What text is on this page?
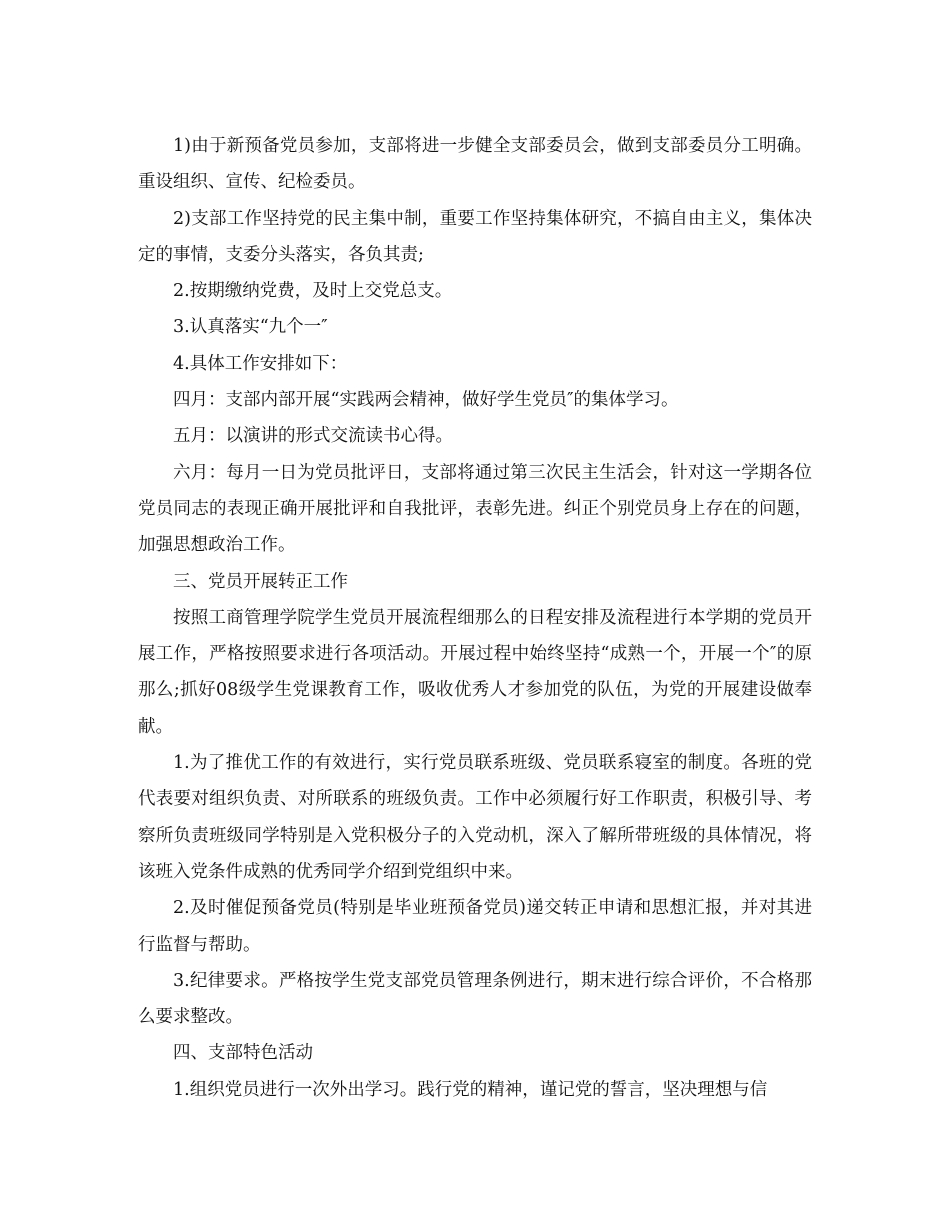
1)由于新预备党员参加，支部将进一步健全支部委员会，做到支部委员分工明确。重设组织、宣传、纪检委员。

2)支部工作坚持党的民主集中制，重要工作坚持集体研究，不搞自由主义，集体决定的事情，支委分头落实，各负其责;

2.按期缴纳党费，及时上交党总支。

3.认真落实“九个一″

4.具体工作安排如下：

四月：支部内部开展“实践两会精神，做好学生党员″的集体学习。

五月：以演讲的形式交流读书心得。

六月：每月一日为党员批评日，支部将通过第三次民主生活会，针对这一学期各位党员同志的表现正确开展批评和自我批评，表彰先进。纠正个别党员身上存在的问题，加强思想政治工作。

三、党员开展转正工作

按照工商管理学院学生党员开展流程细那么的日程安排及流程进行本学期的党员开展工作，严格按照要求进行各项活动。开展过程中始终坚持“成熟一个，开展一个″的原那么;抓好08级学生党课教育工作，吸收优秀人才参加党的队伍，为党的开展建设做奉献。

1.为了推优工作的有效进行，实行党员联系班级、党员联系寝室的制度。各班的党代表要对组织负责、对所联系的班级负责。工作中必须履行好工作职责，积极引导、考察所负责班级同学特别是入党积极分子的入党动机，深入了解所带班级的具体情况，将该班入党条件成熟的优秀同学介绍到党组织中来。

2.及时催促预备党员(特别是毕业班预备党员)递交转正申请和思想汇报，并对其进行监督与帮助。

3.纪律要求。严格按学生党支部党员管理条例进行，期末进行综合评价，不合格那么要求整改。

四、支部特色活动

1.组织党员进行一次外出学习。践行党的精神，谨记党的誓言，坚决理想与信
